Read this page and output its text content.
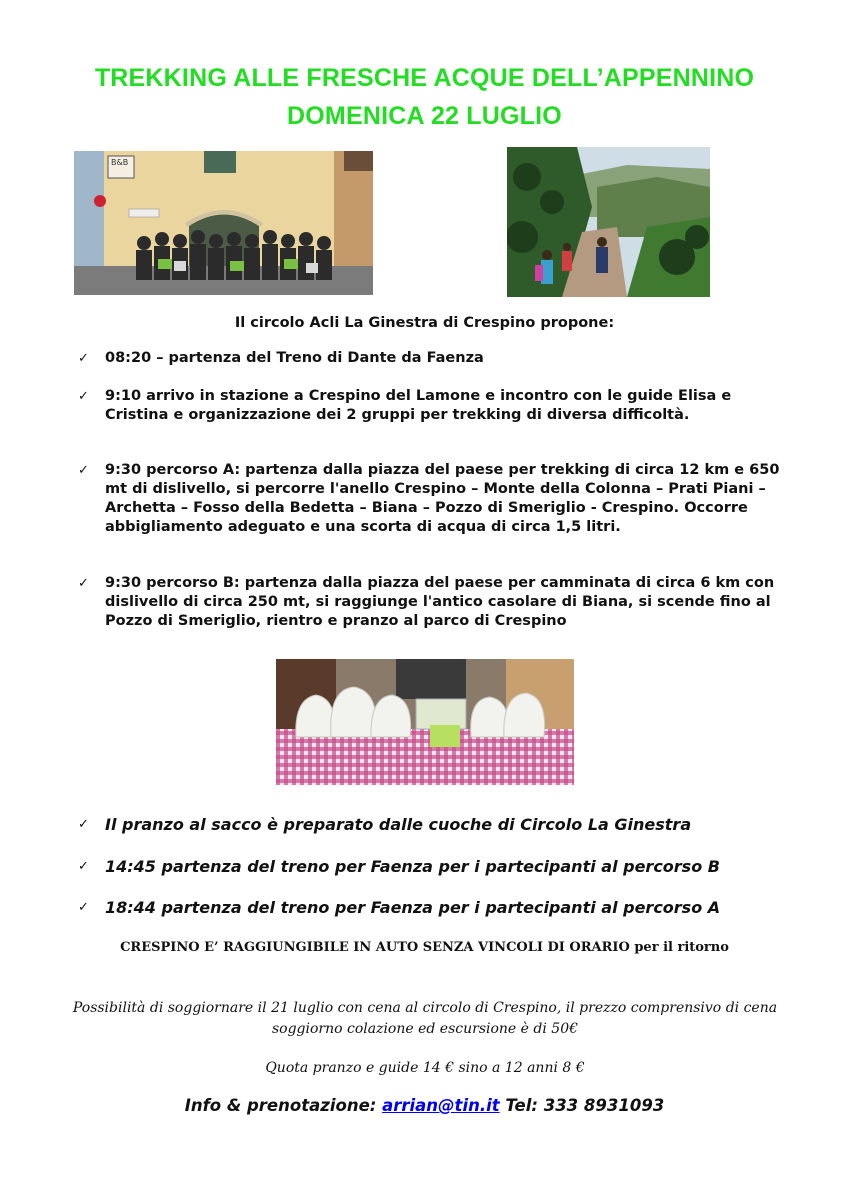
TREKKING ALLE FRESCHE ACQUE DELL’APPENNINO
DOMENICA 22 LUGLIO
B&B
Il circolo Acli La Ginestra di Crespino propone:
✓ 08:20 – partenza del Treno di Dante da Faenza
✓ 9:10 arrivo in stazione a Crespino del Lamone e incontro con le guide Elisa e Cristina e organizzazione dei 2 gruppi per trekking di diversa difficoltà.
✓ 9:30 percorso A: partenza dalla piazza del paese per trekking di circa 12 km e 650 mt di dislivello, si percorre l'anello Crespino – Monte della Colonna – Prati Piani – Archetta – Fosso della Bedetta – Biana – Pozzo di Smeriglio - Crespino. Occorre abbigliamento adeguato e una scorta di acqua di circa 1,5 litri.
✓ 9:30 percorso B: partenza dalla piazza del paese per camminata di circa 6 km con dislivello di circa 250 mt, si raggiunge l'antico casolare di Biana, si scende fino al Pozzo di Smeriglio, rientro e pranzo al parco di Crespino
✓ Il pranzo al sacco è preparato dalle cuoche di Circolo La Ginestra
✓ 14:45 partenza del treno per Faenza per i partecipanti al percorso B
✓ 18:44 partenza del treno per Faenza per i partecipanti al percorso A
CRESPINO E’ RAGGIUNGIBILE IN AUTO SENZA VINCOLI DI ORARIO per il ritorno
Possibilità di soggiornare il 21 luglio con cena al circolo di Crespino, il prezzo comprensivo di cena soggiorno colazione ed escursione è di 50€
Quota pranzo e guide 14 € sino a 12 anni 8 €
Info & prenotazione: arrian@tin.it Tel: 333 8931093
